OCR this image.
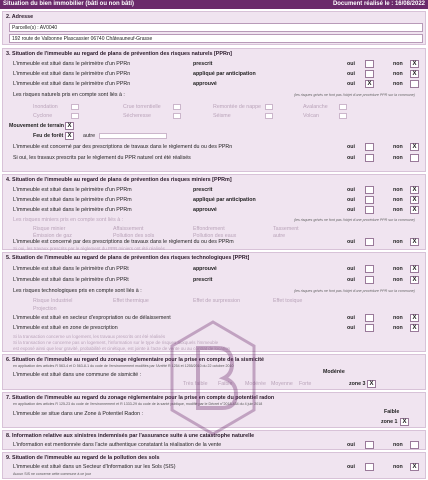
Situation du bien immobilier (bâti ou non bâti)	Document réalisé le : 16/08/2022
2. Adresse
Parcelle(s) : AV0040
192 route de Valbonne Plascassier 06740 Châteauneuf-Grasse
3. Situation de l'immeuble au regard de plans de prévention des risques naturels [PPRn]
L'immeuble est situé dans le périmètre d'un PPRn	prescrit	oui	non	X
L'immeuble est situé dans le périmètre d'un PPRn	appliqué par anticipation	oui	non	X
L'immeuble est situé dans le périmètre d'un PPRn	approuvé	oui	X	non
Les risques naturels pris en compte sont liés à :	(les risques grisés ne font pas l'objet d'une procédure PPR sur la commune)
Inondation	Crue torrentielle	Remontée de nappe	Avalanche
Cyclone	Sécheresse	Séisme	Volcan
Mouvement de terrain X
Feu de forêt X	autre
L'immeuble est concerné par des prescriptions de travaux dans le règlement du ou des PPRn	oui	non	X
Si oui, les travaux prescrits par le règlement du PPR naturel ont été réalisés	oui	non
4. Situation de l'immeuble au regard de plans de prévention des risques miniers [PPRm]
L'immeuble est situé dans le périmètre d'un PPRm	prescrit	oui	non	X
L'immeuble est situé dans le périmètre d'un PPRm	appliqué par anticipation	oui	non	X
L'immeuble est situé dans le périmètre d'un PPRm	approuvé	oui	non	X
Les risques miniers pris en compte sont liés à :	(les risques grisés ne font pas l'objet d'une procédure PPR sur la commune)
Risque minier	Affaissement	Effondrement	Tassement
Émission de gaz	Pollution des sols	Pollution des eaux	autre
L'immeuble est concerné par des prescriptions de travaux dans le règlement du ou des PPRm	oui	non	X
Si oui, les travaux prescrits par le règlement du PPR miniers ont été réalisés
5. Situation de l'immeuble au regard de plans de prévention des risques technologiques [PPRt]
L'immeuble est situé dans le périmètre d'un PPRt	approuvé	oui	non	X
L'immeuble est situé dans le périmètre d'un PPRt	prescrit	oui	non	X
Les risques technologiques pris en compte sont liés à :	(les risques grisés ne font pas l'objet d'une procédure PPR sur la commune)
Risque Industriel	Effet thermique	Effet de surpression	Effet toxique
Projection
L'immeuble est situé en secteur d'expropriation ou de délaissement	oui	non	X
L'immeuble est situé en zone de prescription	oui	non	X
Si la transaction concerne un logement, les travaux prescrits ont été réalisés
Si la transaction ne concerne pas un logement, l'information sur le type de risques auxquels l'immeuble
est exposé ainsi que leur gravité, probabilité et cinétique, est jointe à l'acte de vente ou au contrat de location
6. Situation de l'immeuble au regard du zonage réglementaire pour la prise en compte de la sismicité
en application des articles R 563-4 et D 563-8-1 du code de l'environnement modifiés par l'Arrêté R 1254 et 1255/2010 du 22 octobre 2010
L'immeuble est situé dans une commune de sismicité :	Modérée
Très faible Faible Modérée Moyenne Forte	zone 3 X
7. Situation de l'immeuble au regard du zonage réglementaire pour la prise en compte du potentiel radon
en application des articles R 125-23 du code de l'environnement et R 1333-29 du code de la santé publique, modifié par le Décret n°2018-434 du 4 juin 2018
L'immeuble se situe dans une Zone à Potentiel Radon :	Faible
zone 1 X
8. Information relative aux sinistres indemnisés par l'assurance suite à une catastrophe naturelle
L'information est mentionnée dans l'acte authentique constatant la réalisation de la vente	oui	non
9. Situation de l'immeuble au regard de la pollution des sols
L'immeuble est situé dans un Secteur d'Information sur les Sols (SIS)	oui	non	X
Aucun SIS ne concerne cette commune à ce jour
